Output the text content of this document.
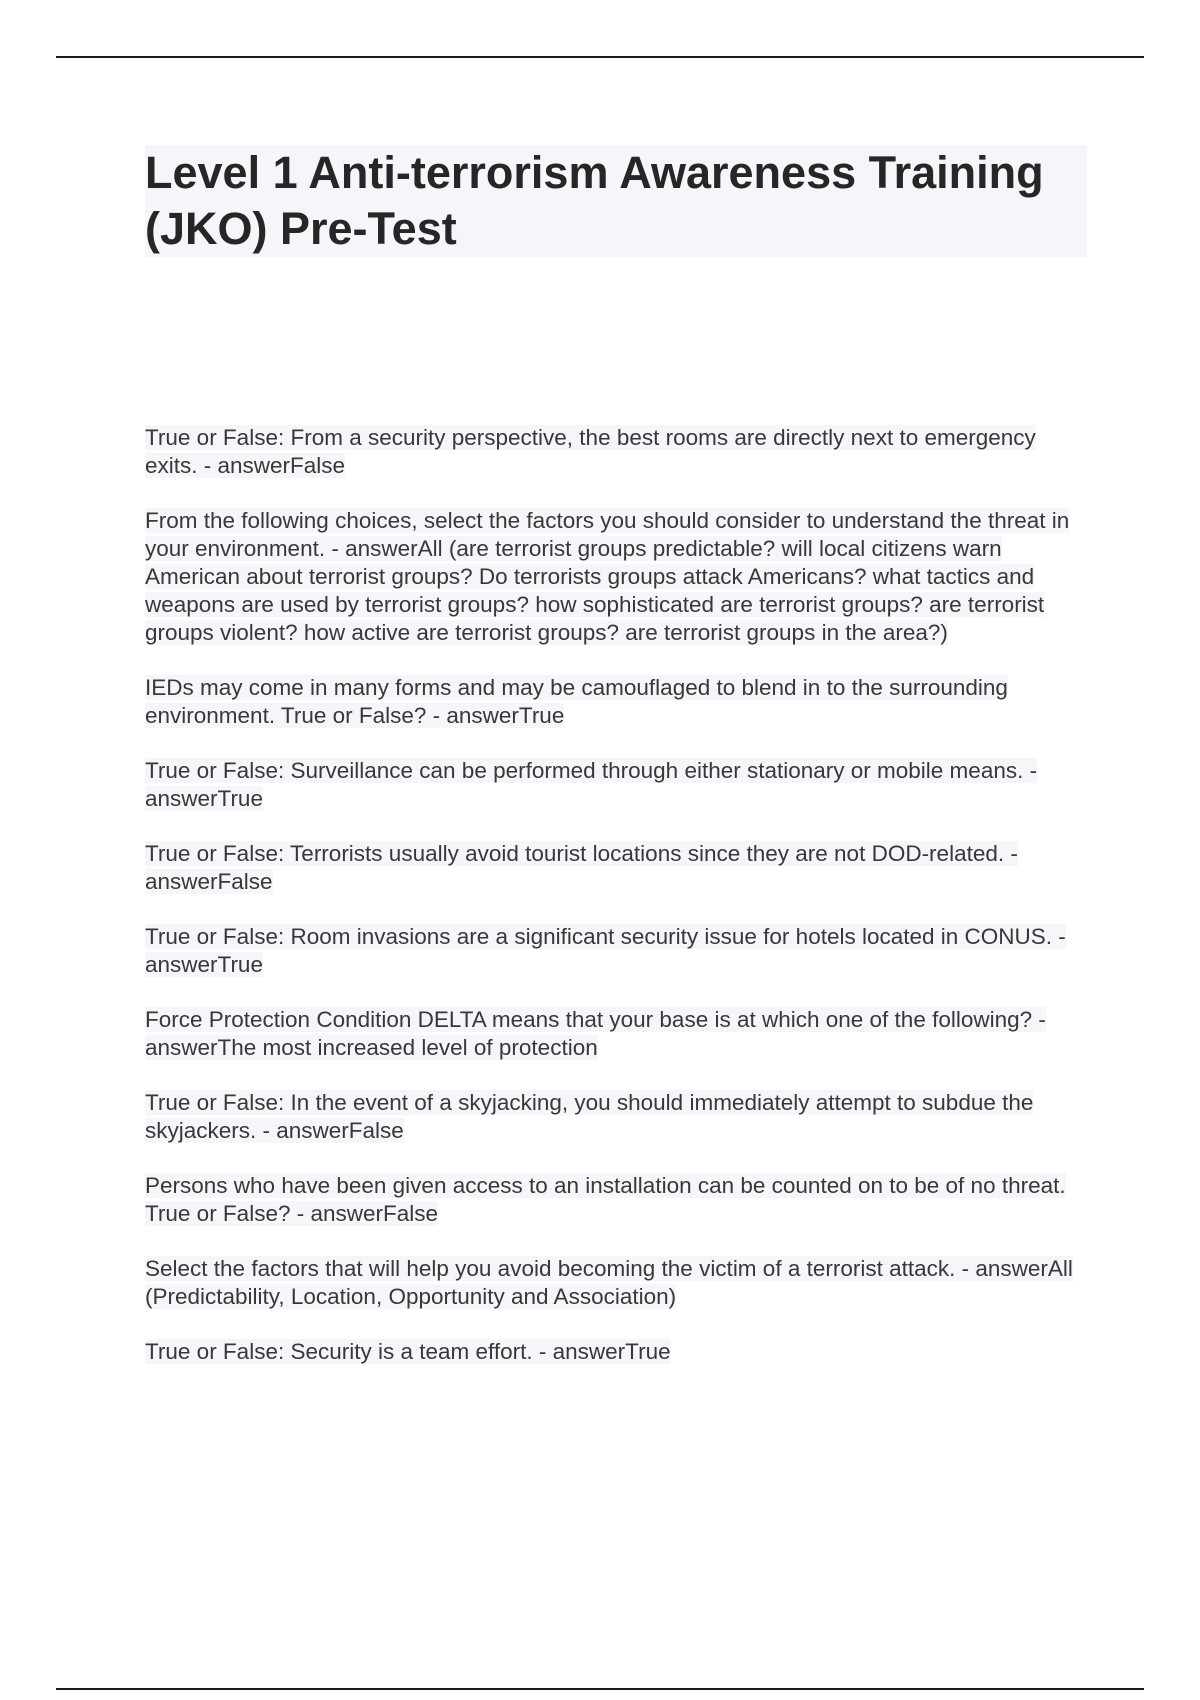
Level 1 Anti-terrorism Awareness Training (JKO) Pre-Test

True or False: From a security perspective, the best rooms are directly next to emergency exits. - answerFalse

From the following choices, select the factors you should consider to understand the threat in your environment. - answerAll (are terrorist groups predictable? will local citizens warn American about terrorist groups? Do terrorists groups attack Americans? what tactics and weapons are used by terrorist groups? how sophisticated are terrorist groups? are terrorist groups violent? how active are terrorist groups? are terrorist groups in the area?)

IEDs may come in many forms and may be camouflaged to blend in to the surrounding environment. True or False? - answerTrue

True or False: Surveillance can be performed through either stationary or mobile means. - answerTrue

True or False: Terrorists usually avoid tourist locations since they are not DOD-related. - answerFalse

True or False: Room invasions are a significant security issue for hotels located in CONUS. - answerTrue

Force Protection Condition DELTA means that your base is at which one of the following? - answerThe most increased level of protection

True or False: In the event of a skyjacking, you should immediately attempt to subdue the skyjackers. - answerFalse

Persons who have been given access to an installation can be counted on to be of no threat. True or False? - answerFalse

Select the factors that will help you avoid becoming the victim of a terrorist attack. - answerAll (Predictability, Location, Opportunity and Association)

True or False: Security is a team effort. - answerTrue
